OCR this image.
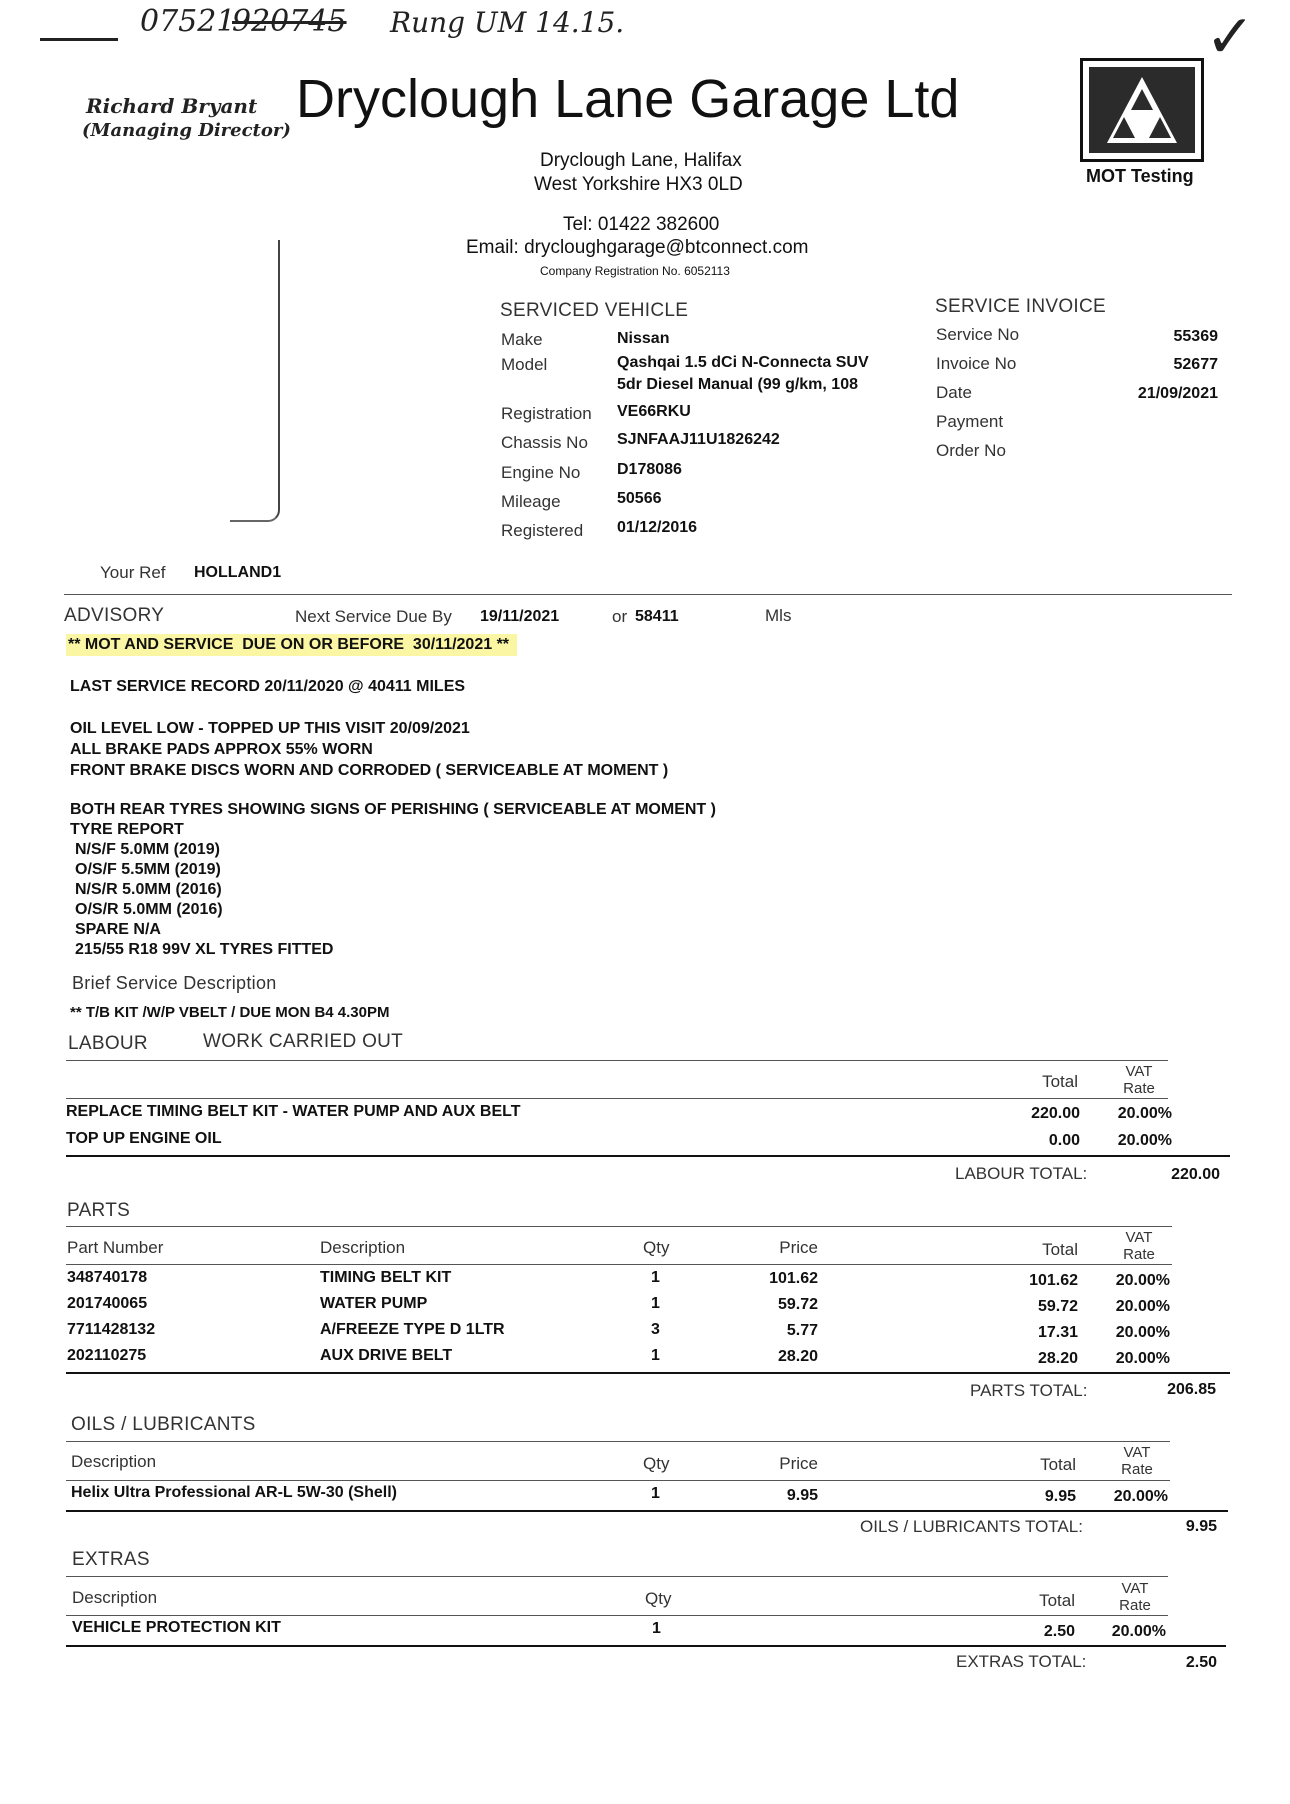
07521
920745 Rung UM 14.15.	✓
Richard Bryant
(Managing Director)
Dryclough Lane Garage Ltd
Dryclough Lane, Halifax
West Yorkshire HX3 0LD
Tel: 01422 382600
Email: drycloughgarage@btconnect.com
Company Registration No. 6052113
MOT Testing
SERVICED VEHICLE
Make	Nissan
Model	Qashqai 1.5 dCi N-Connecta SUV
5dr Diesel Manual (99 g/km, 108
Registration VE66RKU
Chassis No SJNFAAJ11U1826242
Engine No D178086
Mileage	50566
Registered 01/12/2016
SERVICE INVOICE
Service No	55369
Invoice No	52677
Date	21/09/2021
Payment
Order No
Your Ref HOLLAND1
ADVISORY	Next Service Due By 19/11/2021	or 58411	Mls
** MOT AND SERVICE  DUE ON OR BEFORE  30/11/2021 **
LAST SERVICE RECORD 20/11/2020 @ 40411 MILES
OIL LEVEL LOW - TOPPED UP THIS VISIT 20/09/2021
ALL BRAKE PADS APPROX 55% WORN
FRONT BRAKE DISCS WORN AND CORRODED ( SERVICEABLE AT MOMENT )
BOTH REAR TYRES SHOWING SIGNS OF PERISHING ( SERVICEABLE AT MOMENT )
TYRE REPORT
N/S/F 5.0MM (2019)
O/S/F 5.5MM (2019)
N/S/R 5.0MM (2016)
O/S/R 5.0MM (2016)
SPARE N/A
215/55 R18 99V XL TYRES FITTED
Brief Service Description
** T/B KIT /W/P VBELT / DUE MON B4 4.30PM
LABOUR	WORK CARRIED OUT
Total
VAT
Rate
REPLACE TIMING BELT KIT - WATER PUMP AND AUX BELT	220.00	20.00%
TOP UP ENGINE OIL	0.00	20.00%
LABOUR TOTAL:	220.00
PARTS
Part Number	Description	Qty	Price	Total
VAT
Rate
348740178	TIMING BELT KIT	1	101.62	101.62	20.00%
201740065	WATER PUMP	1	59.72	59.72	20.00%
7711428132	A/FREEZE TYPE D 1LTR	3	5.77	17.31	20.00%
202110275	AUX DRIVE BELT	1	28.20	28.20	20.00%
PARTS TOTAL:	206.85
OILS / LUBRICANTS
Description	Qty	Price	Total
VAT
Rate
Helix Ultra Professional AR-L 5W-30 (Shell)	1	9.95	9.95	20.00%
OILS / LUBRICANTS TOTAL:	9.95
EXTRAS
Description	Qty	Total
VAT
Rate
VEHICLE PROTECTION KIT	1	2.50	20.00%
EXTRAS TOTAL:	2.50
